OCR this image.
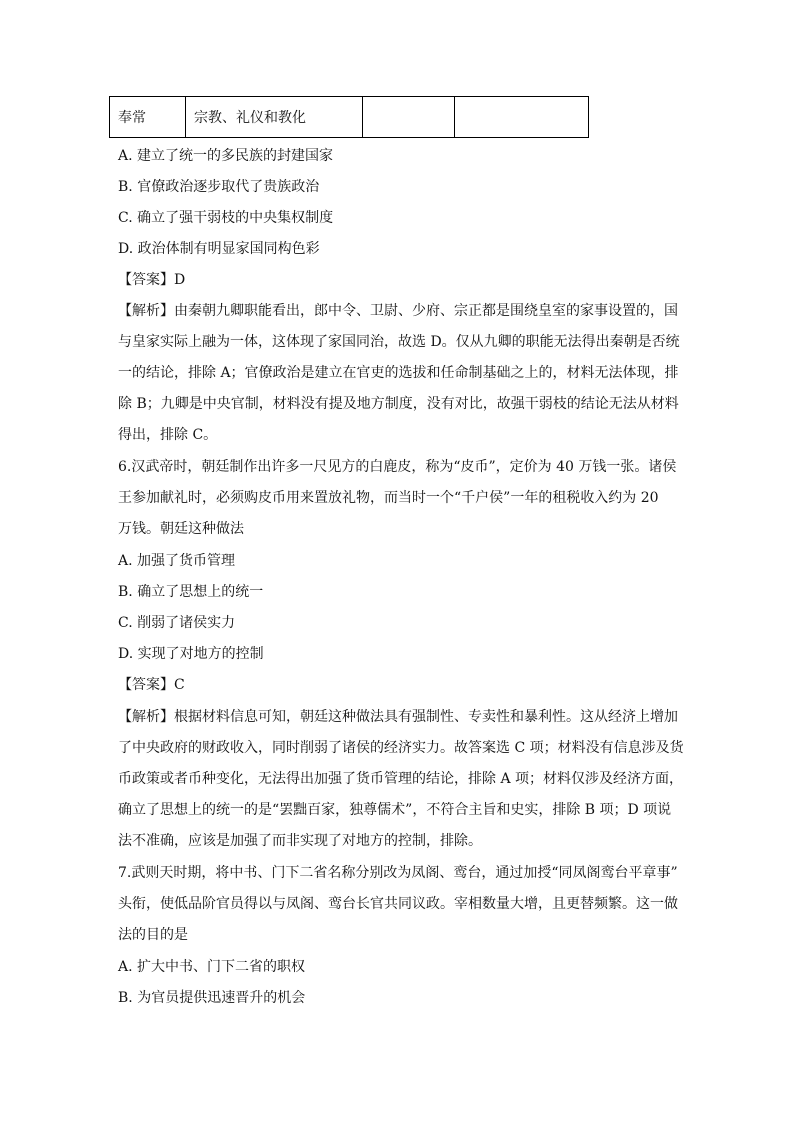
奉常	宗教、礼仪和教化		
A. 建立了统一的多民族的封建国家
B. 官僚政治逐步取代了贵族政治
C. 确立了强干弱枝的中央集权制度
D. 政治体制有明显家国同构色彩
【答案】D
【解析】由秦朝九卿职能看出，郎中令、卫尉、少府、宗正都是围绕皇室的家事设置的，国
与皇家实际上融为一体，这体现了家国同治，故选 D。仅从九卿的职能无法得出秦朝是否统
一的结论，排除 A；官僚政治是建立在官吏的选拔和任命制基础之上的，材料无法体现，排
除 B；九卿是中央官制，材料没有提及地方制度，没有对比，故强干弱枝的结论无法从材料
得出，排除 C。
6.汉武帝时，朝廷制作出许多一尺见方的白鹿皮，称为“皮币”，定价为 40 万钱一张。诸侯
王参加献礼时，必须购皮币用来置放礼物，而当时一个“千户侯”一年的租税收入约为 20
万钱。朝廷这种做法
A. 加强了货币管理
B. 确立了思想上的统一
C. 削弱了诸侯实力
D. 实现了对地方的控制
【答案】C
【解析】根据材料信息可知，朝廷这种做法具有强制性、专卖性和暴利性。这从经济上增加
了中央政府的财政收入，同时削弱了诸侯的经济实力。故答案选 C 项；材料没有信息涉及货
币政策或者币种变化，无法得出加强了货币管理的结论，排除 A 项；材料仅涉及经济方面，
确立了思想上的统一的是“罢黜百家，独尊儒术”，不符合主旨和史实，排除 B 项；D 项说
法不准确，应该是加强了而非实现了对地方的控制，排除。
7.武则天时期，将中书、门下二省名称分别改为凤阁、鸾台，通过加授“同凤阁鸾台平章事”
头衔，使低品阶官员得以与凤阁、鸾台长官共同议政。宰相数量大增，且更替频繁。这一做
法的目的是
A. 扩大中书、门下二省的职权
B. 为官员提供迅速晋升的机会
